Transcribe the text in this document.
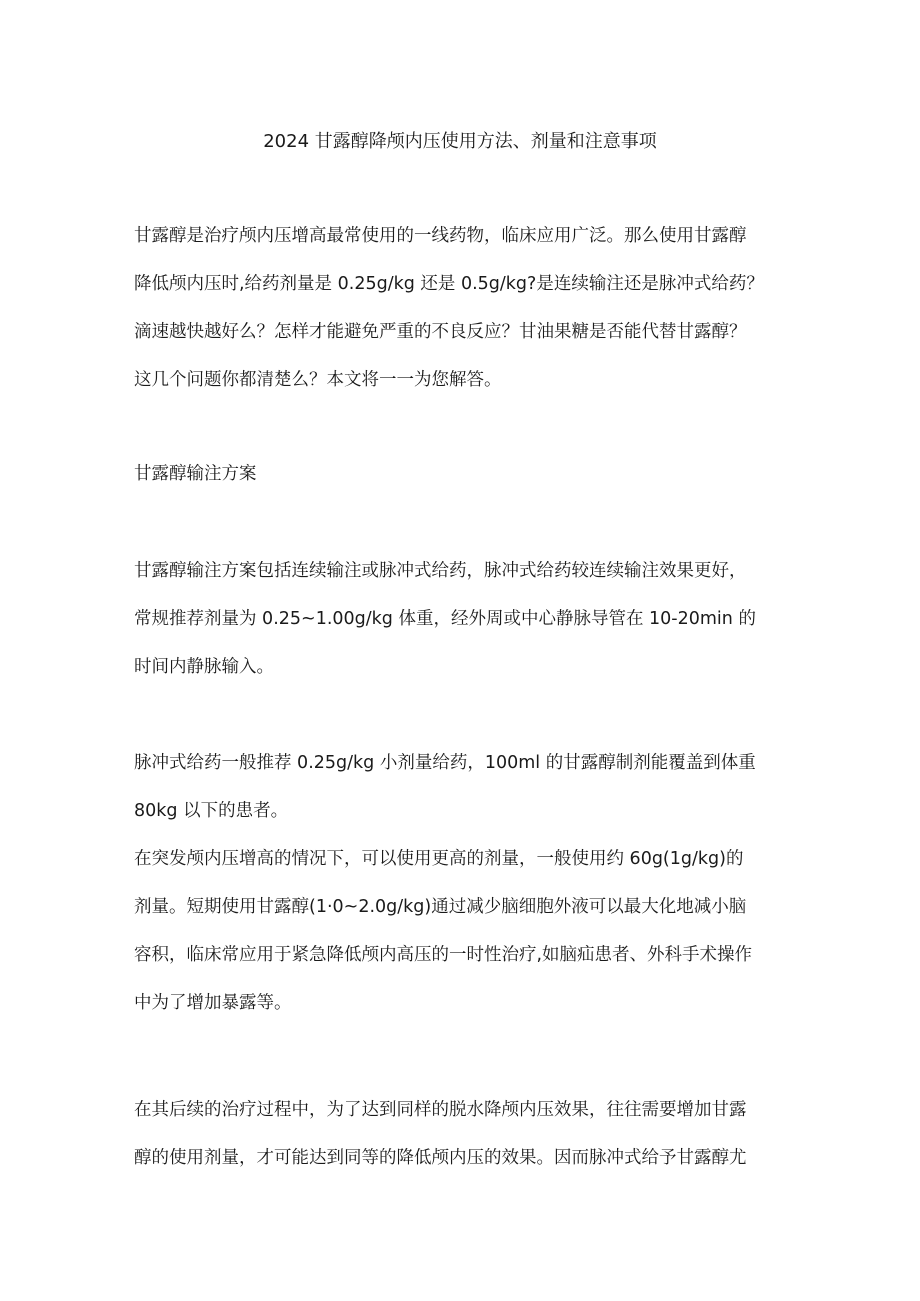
2024 甘露醇降颅内压使用方法、剂量和注意事项
甘露醇是治疗颅内压增高最常使用的一线药物，临床应用广泛。那么使用甘露醇
降低颅内压时,给药剂量是 0.25g/kg 还是 0.5g/kg?是连续输注还是脉冲式给药？
滴速越快越好么？怎样才能避免严重的不良反应？甘油果糖是否能代替甘露醇？
这几个问题你都清楚么？本文将一一为您解答。
甘露醇输注方案
甘露醇输注方案包括连续输注或脉冲式给药，脉冲式给药较连续输注效果更好，
常规推荐剂量为 0.25~1.00g/kg 体重，经外周或中心静脉导管在 10-20min 的
时间内静脉输入。
脉冲式给药一般推荐 0.25g/kg 小剂量给药，100ml 的甘露醇制剂能覆盖到体重
80kg 以下的患者。
在突发颅内压增高的情况下，可以使用更高的剂量，一般使用约 60g(1g/kg)的
剂量。短期使用甘露醇(1·0~2.0g/kg)通过减少脑细胞外液可以最大化地减小脑
容积，临床常应用于紧急降低颅内高压的一时性治疗,如脑疝患者、外科手术操作
中为了增加暴露等。
在其后续的治疗过程中，为了达到同样的脱水降颅内压效果，往往需要增加甘露
醇的使用剂量，才可能达到同等的降低颅内压的效果。因而脉冲式给予甘露醇尤
